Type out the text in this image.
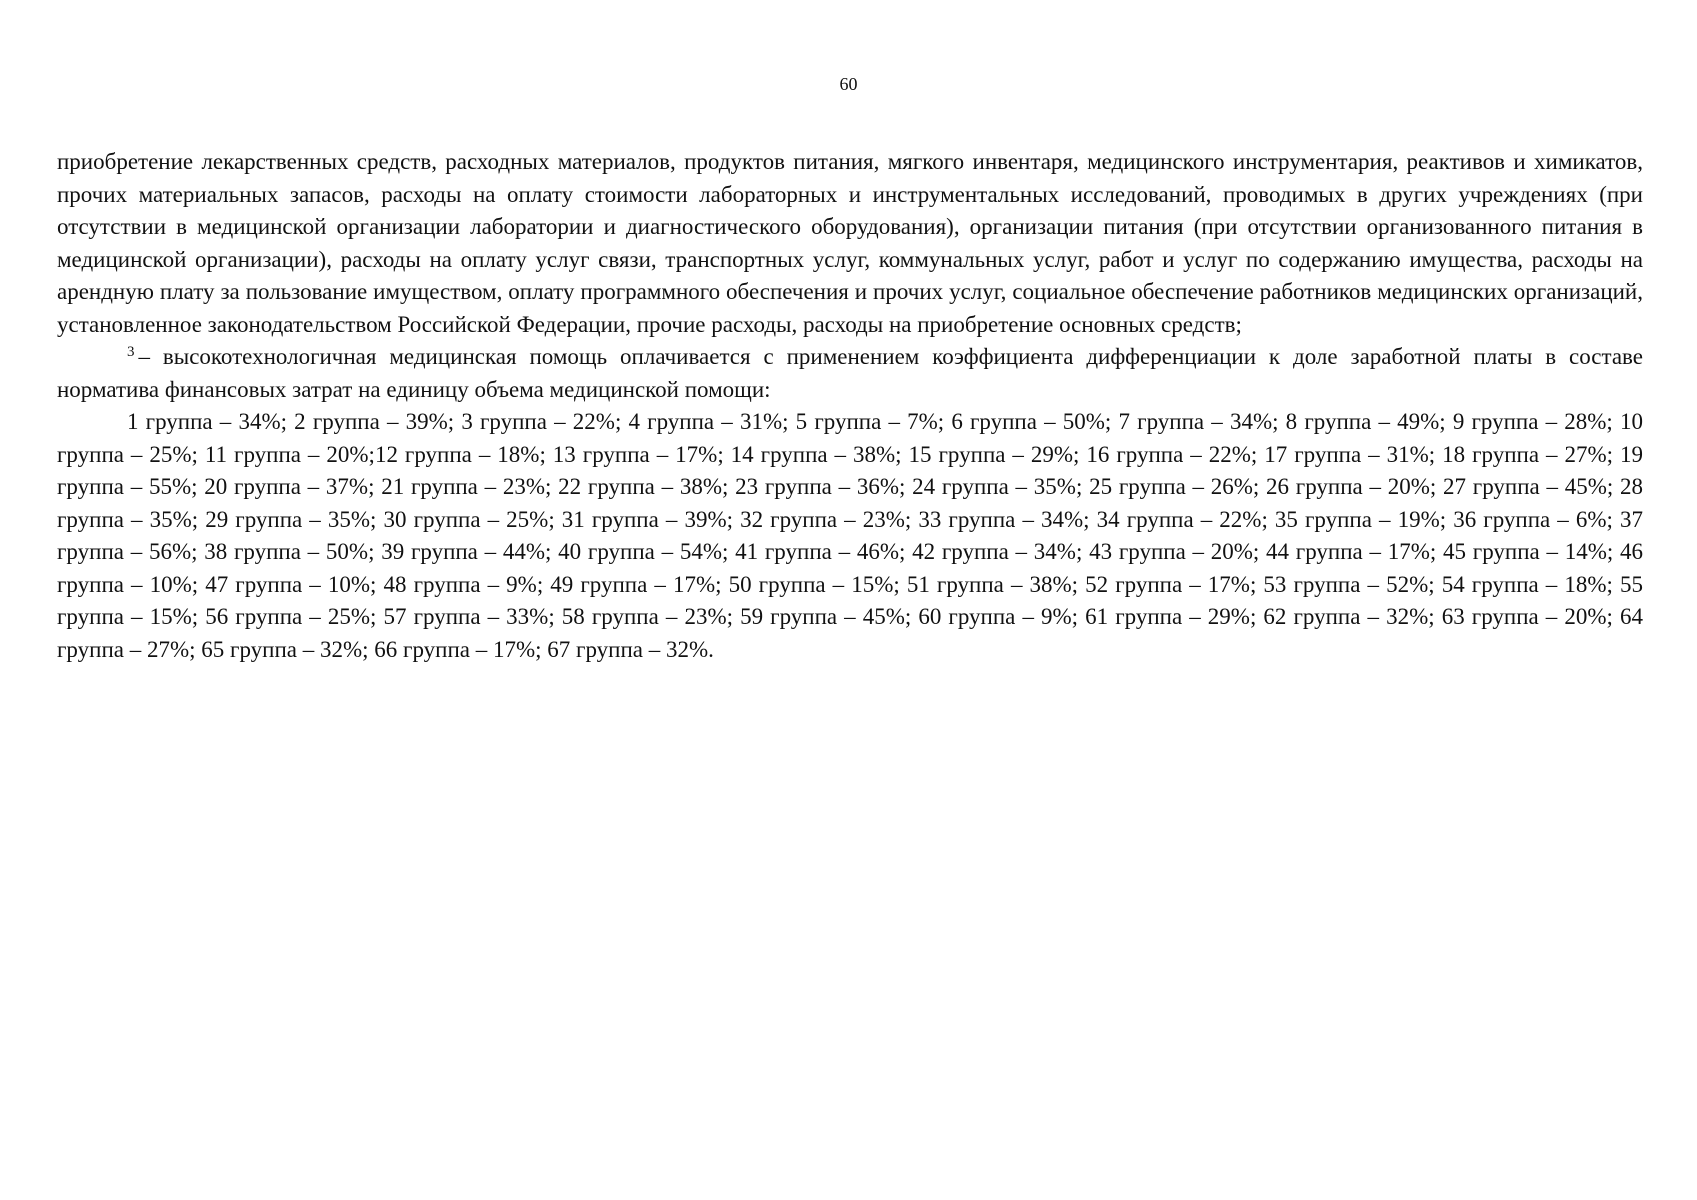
60

приобретение лекарственных средств, расходных материалов, продуктов питания, мягкого инвентаря, медицинского инструментария, реактивов и химикатов, прочих материальных запасов, расходы на оплату стоимости лабораторных и инструментальных исследований, проводимых в других учреждениях (при отсутствии в медицинской организации лаборатории и диагностического оборудования), организации питания (при отсутствии организованного питания в медицинской организации), расходы на оплату услуг связи, транспортных услуг, коммунальных услуг, работ и услуг по содержанию имущества, расходы на арендную плату за пользование имуществом, оплату программного обеспечения и прочих услуг, социальное обеспечение работников медицинских организаций, установленное законодательством Российской Федерации, прочие расходы, расходы на приобретение основных средств;

$^3$ – высокотехнологичная медицинская помощь оплачивается с применением коэффициента дифференциации к доле заработной платы в составе норматива финансовых затрат на единицу объема медицинской помощи:

1 группа – 34%; 2 группа – 39%; 3 группа – 22%; 4 группа – 31%; 5 группа – 7%; 6 группа – 50%; 7 группа – 34%; 8 группа – 49%; 9 группа – 28%; 10 группа – 25%; 11 группа – 20%;12 группа – 18%; 13 группа – 17%; 14 группа – 38%; 15 группа – 29%; 16 группа – 22%; 17 группа – 31%; 18 группа – 27%; 19 группа – 55%; 20 группа – 37%; 21 группа – 23%; 22 группа – 38%; 23 группа – 36%; 24 группа – 35%; 25 группа – 26%; 26 группа – 20%; 27 группа – 45%; 28 группа – 35%; 29 группа – 35%; 30 группа – 25%; 31 группа – 39%; 32 группа – 23%; 33 группа – 34%; 34 группа – 22%; 35 группа – 19%; 36 группа – 6%; 37 группа – 56%; 38 группа – 50%; 39 группа – 44%; 40 группа – 54%; 41 группа – 46%; 42 группа – 34%; 43 группа – 20%; 44 группа – 17%; 45 группа – 14%; 46 группа – 10%; 47 группа – 10%; 48 группа – 9%; 49 группа – 17%; 50 группа – 15%; 51 группа – 38%; 52 группа – 17%; 53 группа – 52%; 54 группа – 18%; 55 группа – 15%; 56 группа – 25%; 57 группа – 33%; 58 группа – 23%; 59 группа – 45%; 60 группа – 9%; 61 группа – 29%; 62 группа – 32%; 63 группа – 20%; 64 группа – 27%; 65 группа – 32%; 66 группа – 17%; 67 группа – 32%.
